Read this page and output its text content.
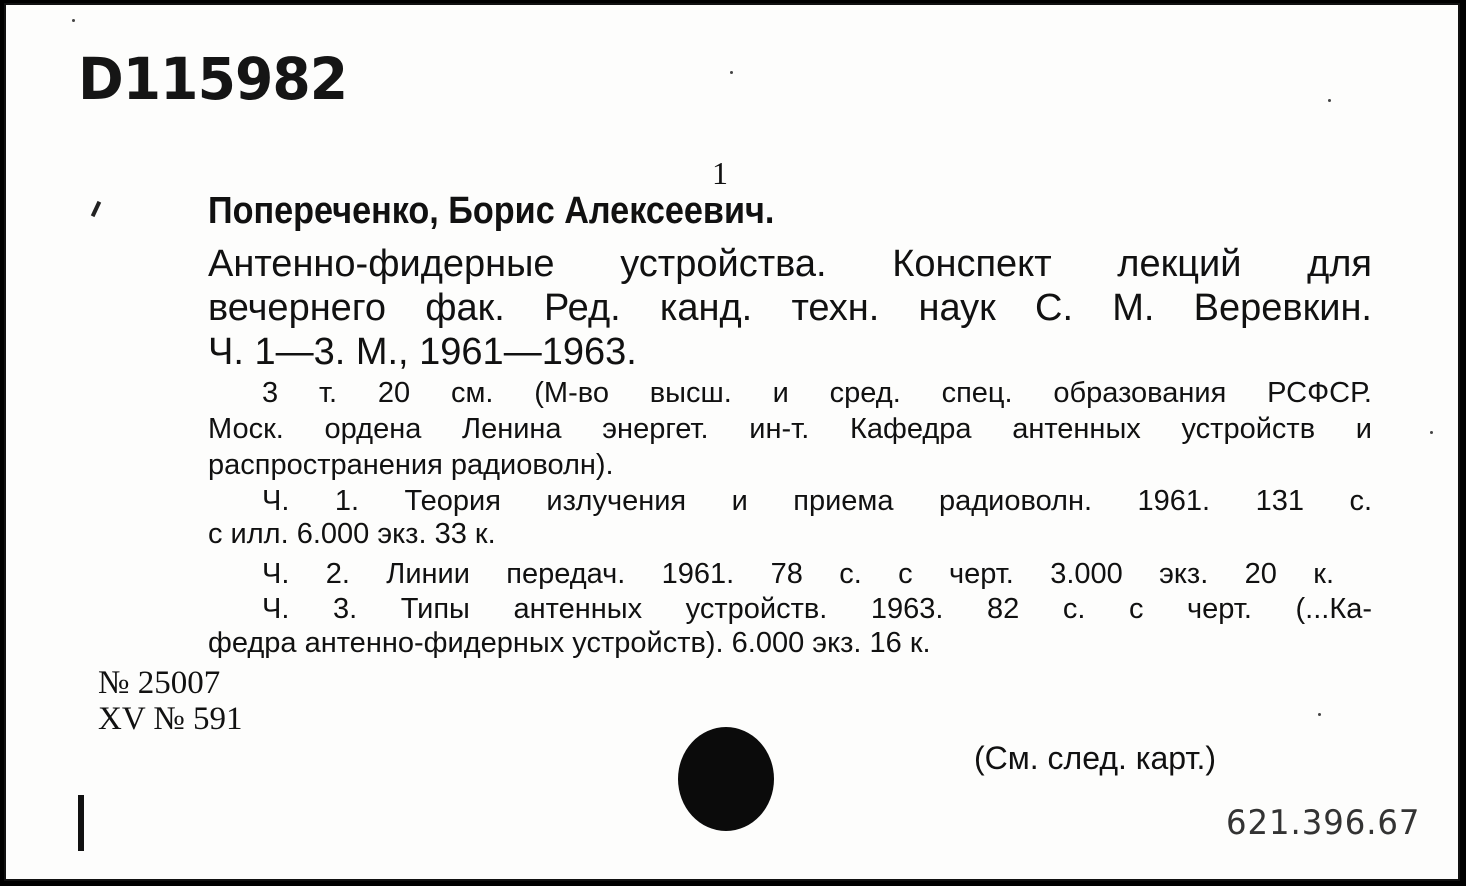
D115982
1
Попереченко, Борис Алексеевич.
Антенно-фидерные устройства. Конспект лекций для
вечернего фак. Ред. канд. техн. наук С. М. Веревкин.
Ч. 1—3. М., 1961—1963.
3 т. 20 см. (М-во высш. и сред. спец. образования РСФСР.
Моск. ордена Ленина энергет. ин-т. Кафедра антенных устройств и
распространения радиоволн).
Ч. 1. Теория излучения и приема радиоволн. 1961. 131 с.
с илл. 6.000 экз. 33 к.
Ч. 2. Линии передач. 1961. 78 с. с черт. 3.000 экз. 20 к.
Ч. 3. Типы антенных устройств. 1963. 82 с. с черт. (...Ка-
федра антенно-фидерных устройств). 6.000 экз. 16 к.
№ 25007
XV № 591
(См. след. карт.)
621.396.67
